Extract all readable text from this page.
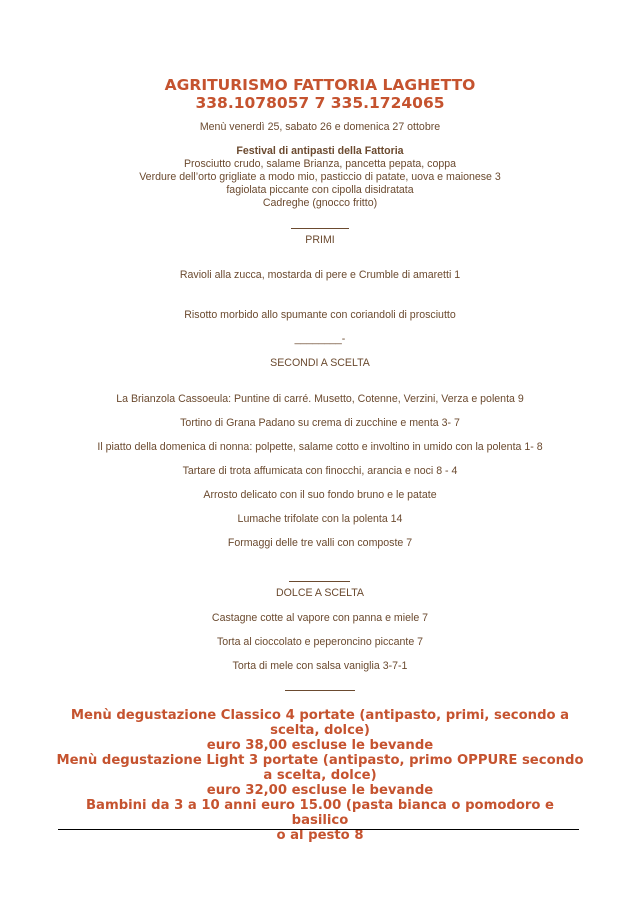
AGRITURISMO FATTORIA LAGHETTO
338.1078057 7 335.1724065
Menù venerdì 25, sabato 26 e domenica 27 ottobre
Festival di antipasti della Fattoria
Prosciutto crudo, salame Brianza, pancetta pepata, coppa
Verdure dell’orto grigliate a modo mio, pasticcio di patate, uova e maionese 3
fagiolata piccante con cipolla disidratata
Cadreghe (gnocco fritto)
PRIMI
Ravioli alla zucca, mostarda di pere e Crumble di amaretti 1
Risotto morbido allo spumante con coriandoli di prosciutto
________-
SECONDI A SCELTA
La Brianzola Cassoeula: Puntine di carré. Musetto, Cotenne, Verzini, Verza e polenta 9
Tortino di Grana Padano su crema di zucchine e menta 3- 7
Il piatto della domenica di nonna: polpette, salame cotto e involtino in umido con la polenta 1- 8
Tartare di trota affumicata con finocchi, arancia e noci 8 - 4
Arrosto delicato con il suo fondo bruno e le patate
Lumache trifolate con la polenta 14
Formaggi delle tre valli con composte 7
DOLCE A SCELTA
Castagne cotte al vapore con panna e miele 7
Torta al cioccolato e peperoncino piccante 7
Torta di mele con salsa vaniglia 3-7-1
Menù degustazione Classico 4 portate (antipasto, primi, secondo a
scelta, dolce)
euro 38,00 escluse le bevande
Menù degustazione Light 3 portate (antipasto, primo OPPURE secondo
a scelta, dolce)
euro 32,00 escluse le bevande
Bambini da 3 a 10 anni euro 15.00 (pasta bianca o pomodoro e basilico
o al pesto 8
